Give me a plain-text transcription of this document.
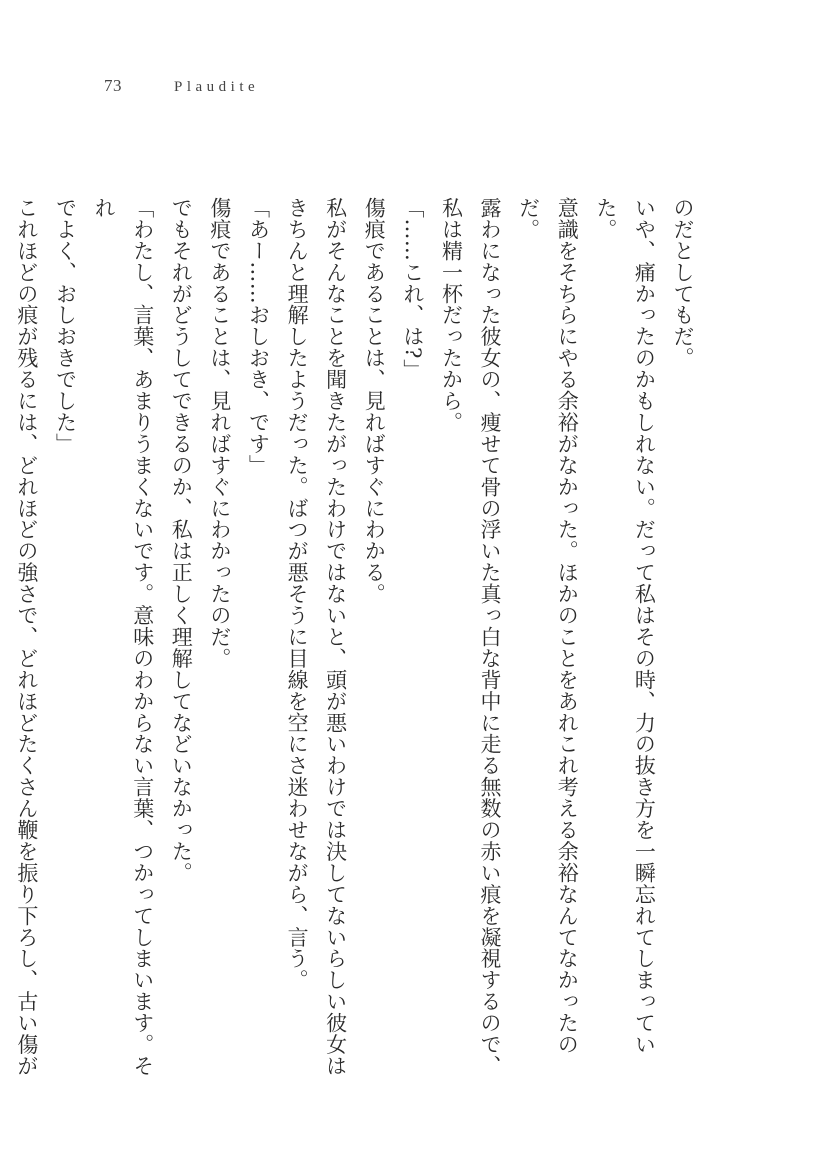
73	Plaudite

のだとしてもだ。

いや、痛かったのかもしれない。だって私はその時、力の抜き方を一瞬忘れてしまっていた。

意識をそちらにやる余裕がなかった。ほかのことをあれこれ考える余裕なんてなかったのだ。

露わになった彼女の、痩せて骨の浮いた真っ白な背中に走る無数の赤い痕を凝視するので、

私は精一杯だったから。

「……これ、は?」

傷痕であることは、見ればすぐにわかる。

私がそんなことを聞きたがったわけではないと、頭が悪いわけでは決してないらしい彼女は

きちんと理解したようだった。ばつが悪そうに目線を空にさ迷わせながら、言う。

「あー……おしおき、です」

傷痕であることは、見ればすぐにわかったのだ。

でもそれがどうしてできるのか、私は正しく理解してなどいなかった。

「わたし、言葉、あまりうまくないです。意味のわからない言葉、つかってしまいます。それ

でよく、おしおきでした」

これほどの痕が残るには、どれほどの強さで、どれほどたくさん鞭を振り下ろし、古い傷が
